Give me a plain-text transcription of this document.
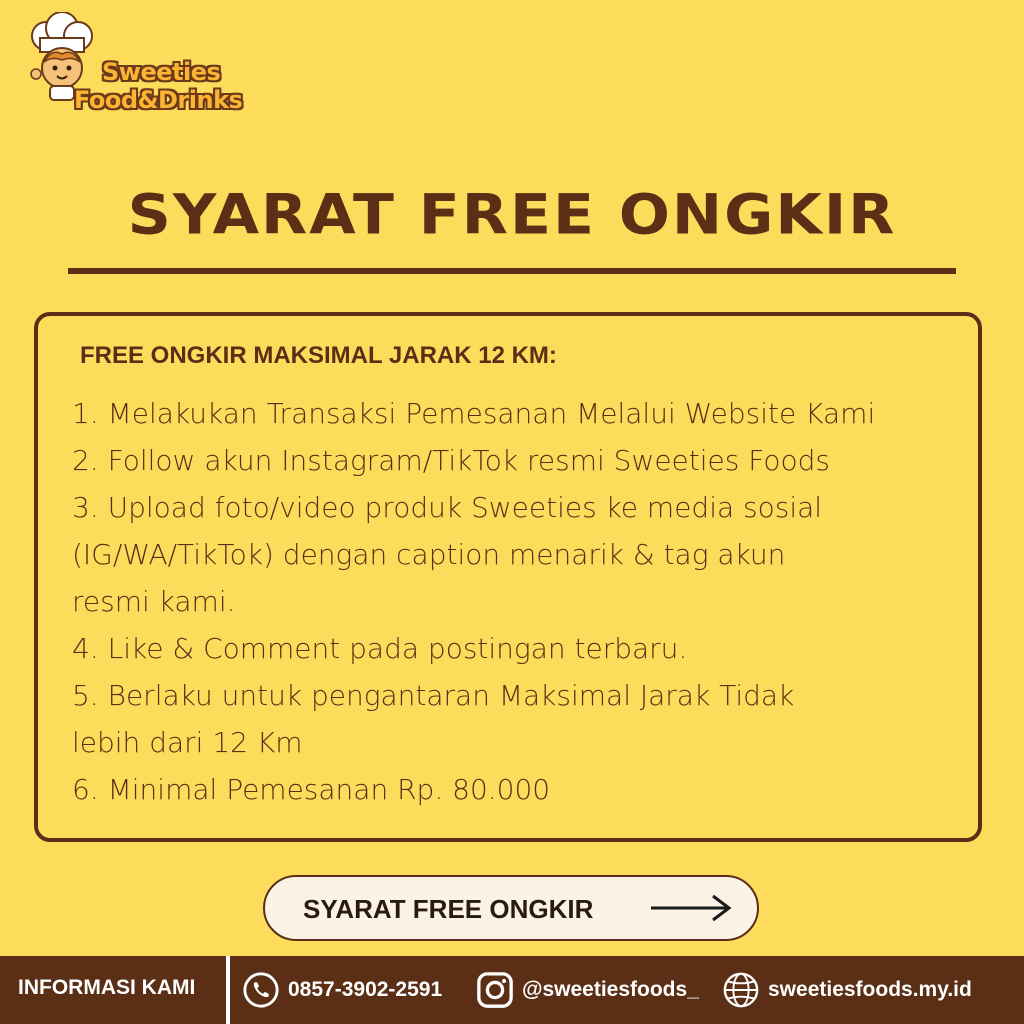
Sweeties
Food&Drinks
SYARAT FREE ONGKIR
FREE ONGKIR MAKSIMAL JARAK 12 KM:
1. Melakukan Transaksi Pemesanan Melalui Website Kami
2. Follow akun Instagram/TikTok resmi Sweeties Foods
3. Upload foto/video produk Sweeties ke media sosial
(IG/WA/TikTok) dengan caption menarik & tag akun
resmi kami.
4. Like & Comment pada postingan terbaru.
5. Berlaku untuk pengantaran Maksimal Jarak Tidak
lebih dari 12 Km
6. Minimal Pemesanan Rp. 80.000
SYARAT FREE ONGKIR
INFORMASI KAMI	0857-3902-2591	@sweetiesfoods_	sweetiesfoods.my.id
